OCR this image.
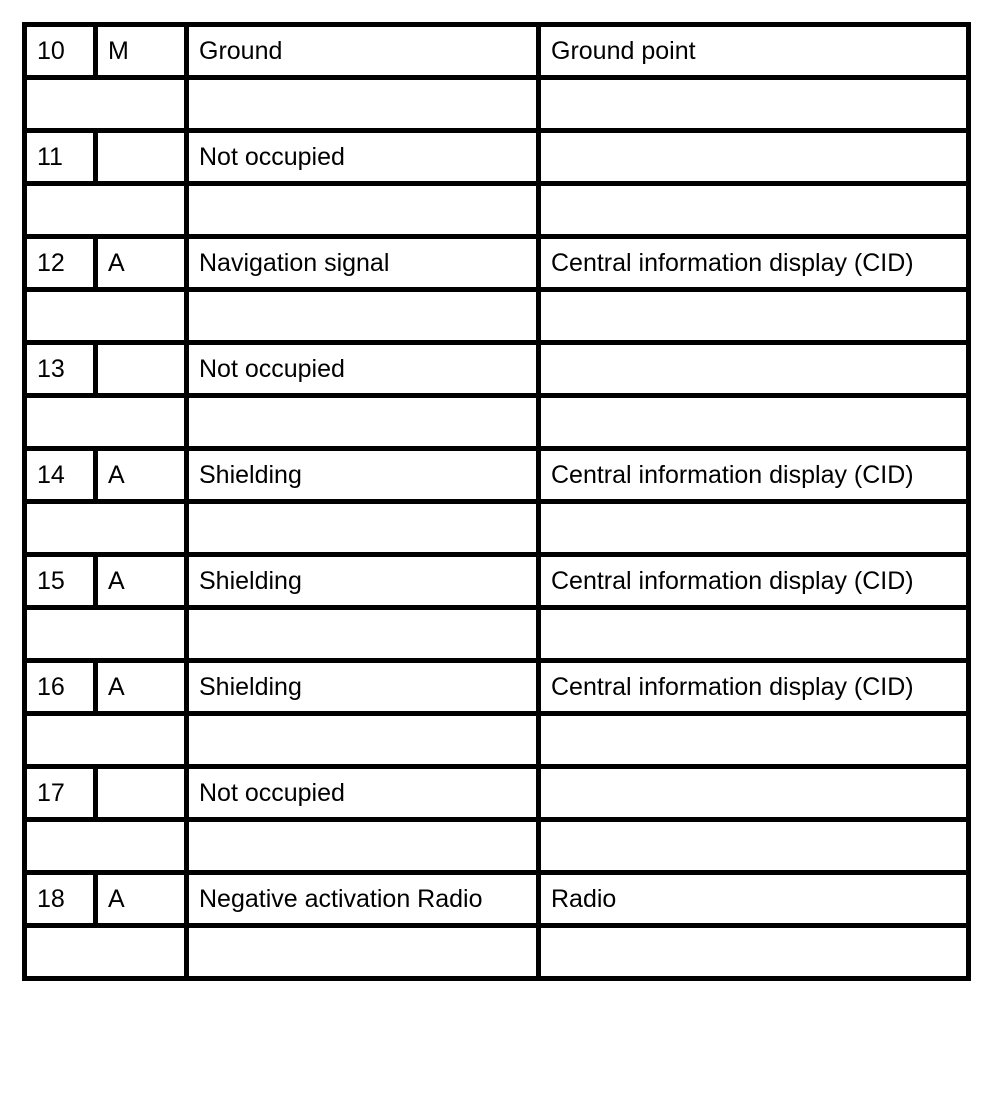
10	M	Ground	Ground point

11		Not occupied	

12	A	Navigation signal	Central information display (CID)

13		Not occupied	

14	A	Shielding	Central information display (CID)

15	A	Shielding	Central information display (CID)

16	A	Shielding	Central information display (CID)

17		Not occupied	

18	A	Negative activation Radio	Radio
